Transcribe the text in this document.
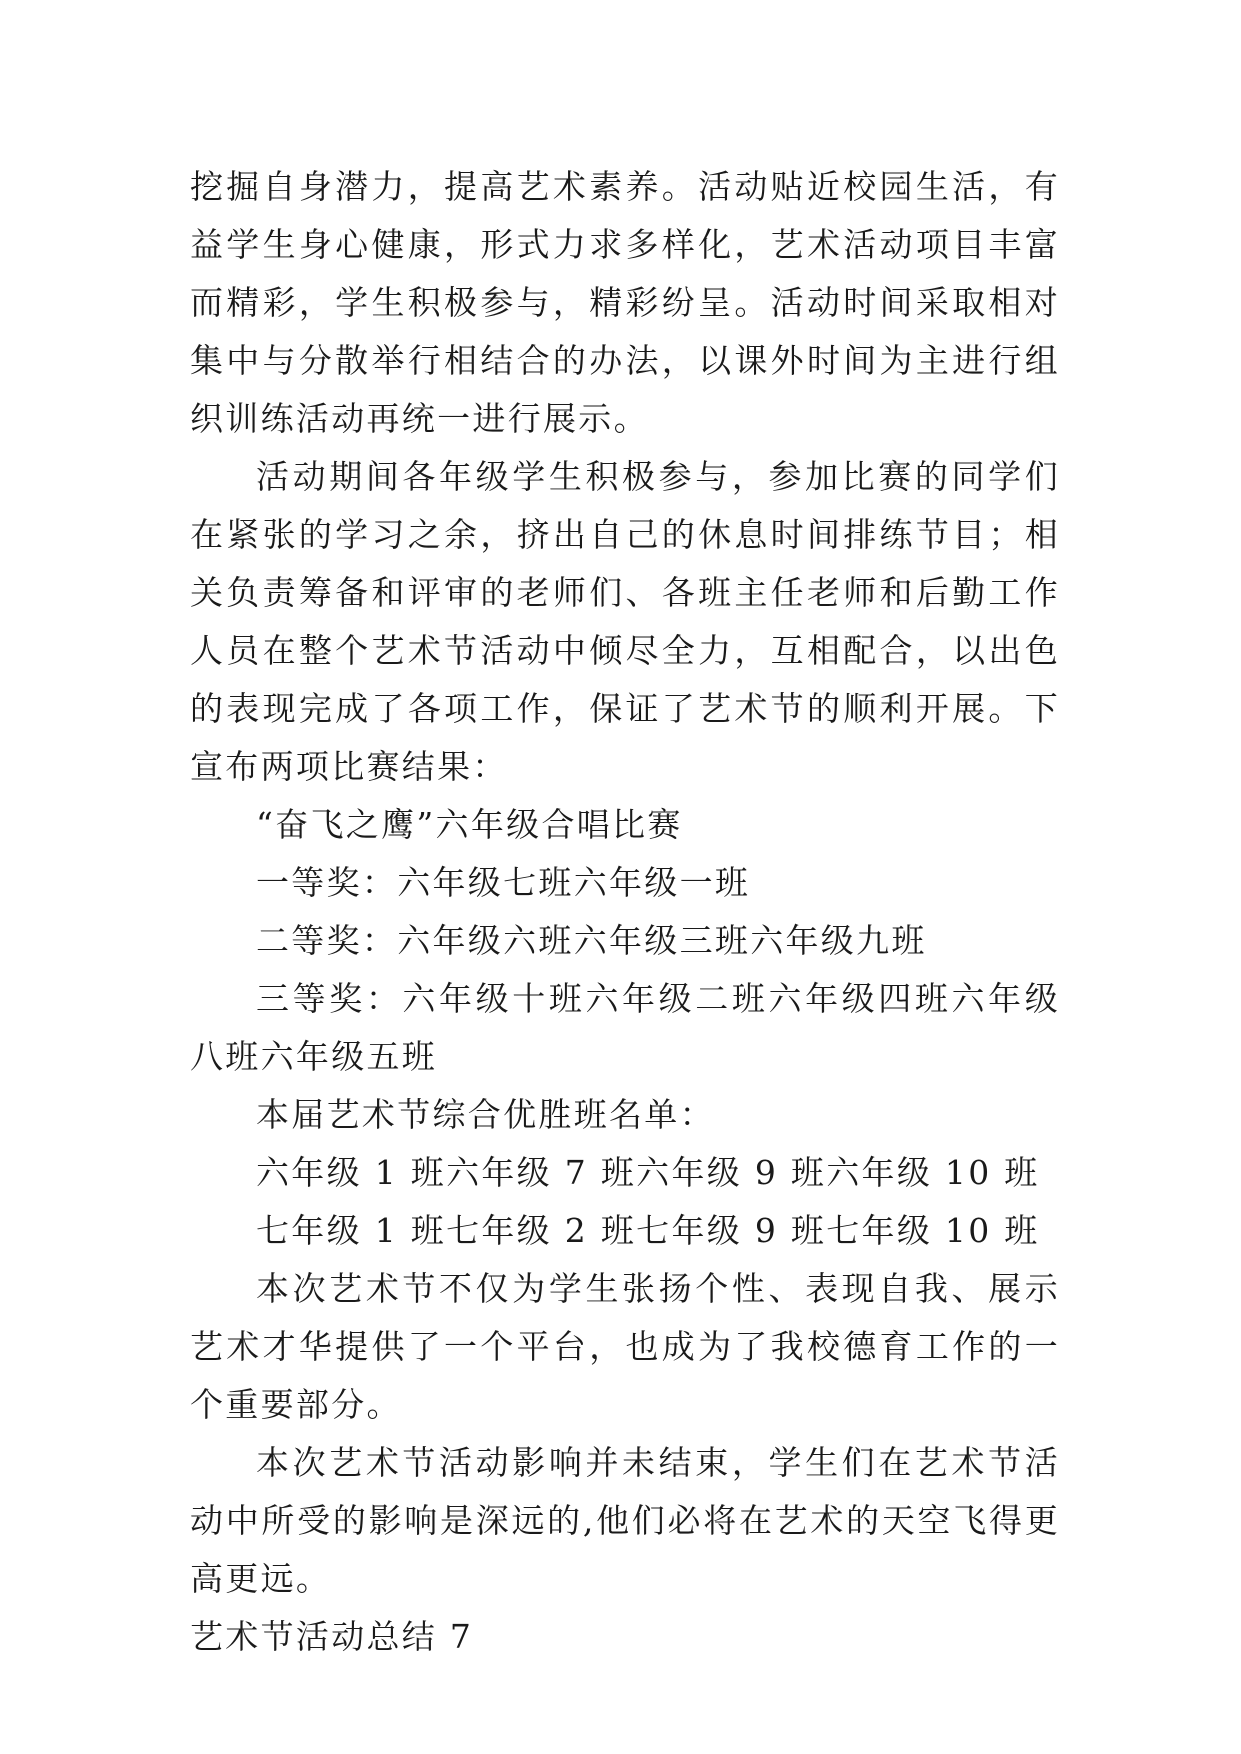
挖掘自身潜力，提高艺术素养。活动贴近校园生活，有益学生身心健康，形式力求多样化，艺术活动项目丰富而精彩，学生积极参与，精彩纷呈。活动时间采取相对集中与分散举行相结合的办法，以课外时间为主进行组织训练活动再统一进行展示。

活动期间各年级学生积极参与，参加比赛的同学们在紧张的学习之余，挤出自己的休息时间排练节目；相关负责筹备和评审的老师们、各班主任老师和后勤工作人员在整个艺术节活动中倾尽全力，互相配合，以出色的表现完成了各项工作，保证了艺术节的顺利开展。下宣布两项比赛结果：

“奋飞之鹰”六年级合唱比赛

一等奖：六年级七班六年级一班

二等奖：六年级六班六年级三班六年级九班

三等奖：六年级十班六年级二班六年级四班六年级八班六年级五班

本届艺术节综合优胜班名单：

六年级 1 班六年级 7 班六年级 9 班六年级 10 班

七年级 1 班七年级 2 班七年级 9 班七年级 10 班

本次艺术节不仅为学生张扬个性、表现自我、展示艺术才华提供了一个平台，也成为了我校德育工作的一个重要部分。

本次艺术节活动影响并未结束，学生们在艺术节活动中所受的影响是深远的,他们必将在艺术的天空飞得更高更远。

艺术节活动总结 7
